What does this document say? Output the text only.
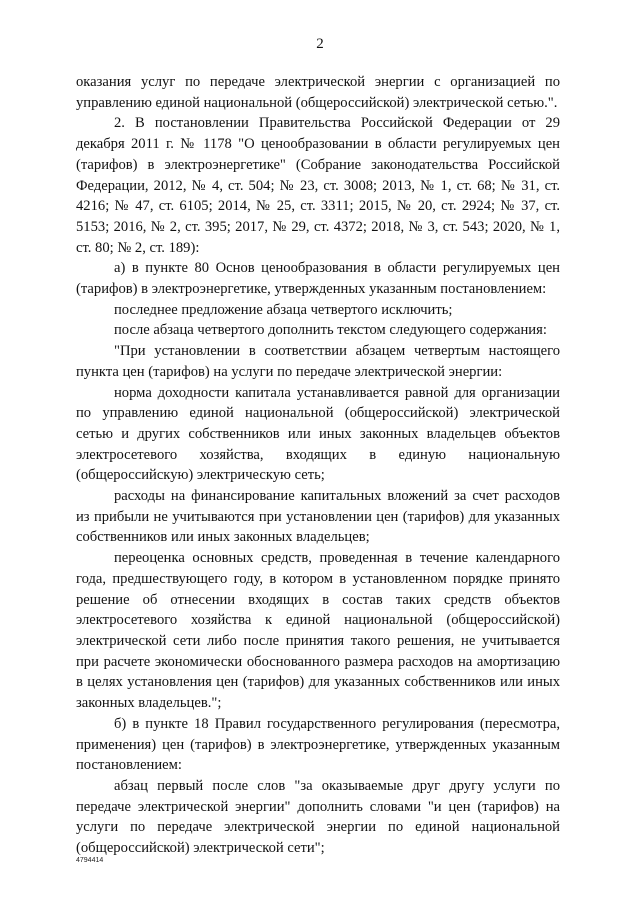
2

оказания услуг по передаче электрической энергии с организацией по управлению единой национальной (общероссийской) электрической сетью.".

2. В постановлении Правительства Российской Федерации от 29 декабря 2011 г. № 1178 "О ценообразовании в области регулируемых цен (тарифов) в электроэнергетике" (Собрание законодательства Российской Федерации, 2012, № 4, ст. 504; № 23, ст. 3008; 2013, № 1, ст. 68; № 31, ст. 4216; № 47, ст. 6105; 2014, № 25, ст. 3311; 2015, № 20, ст. 2924; № 37, ст. 5153; 2016, № 2, ст. 395; 2017, № 29, ст. 4372; 2018, № 3, ст. 543; 2020, № 1, ст. 80; № 2, ст. 189):

а) в пункте 80 Основ ценообразования в области регулируемых цен (тарифов) в электроэнергетике, утвержденных указанным постановлением:

последнее предложение абзаца четвертого исключить;

после абзаца четвертого дополнить текстом следующего содержания:

"При установлении в соответствии абзацем четвертым настоящего пункта цен (тарифов) на услуги по передаче электрической энергии:

норма доходности капитала устанавливается равной для организации по управлению единой национальной (общероссийской) электрической сетью и других собственников или иных законных владельцев объектов электросетевого хозяйства, входящих в единую национальную (общероссийскую) электрическую сеть;

расходы на финансирование капитальных вложений за счет расходов из прибыли не учитываются при установлении цен (тарифов) для указанных собственников или иных законных владельцев;

переоценка основных средств, проведенная в течение календарного года, предшествующего году, в котором в установленном порядке принято решение об отнесении входящих в состав таких средств объектов электросетевого хозяйства к единой национальной (общероссийской) электрической сети либо после принятия такого решения, не учитывается при расчете экономически обоснованного размера расходов на амортизацию в целях установления цен (тарифов) для указанных собственников или иных законных владельцев.";

б) в пункте 18 Правил государственного регулирования (пересмотра, применения) цен (тарифов) в электроэнергетике, утвержденных указанным постановлением:

абзац первый после слов "за оказываемые друг другу услуги по передаче электрической энергии" дополнить словами "и цен (тарифов) на услуги по передаче электрической энергии по единой национальной (общероссийской) электрической сети";

4794414
